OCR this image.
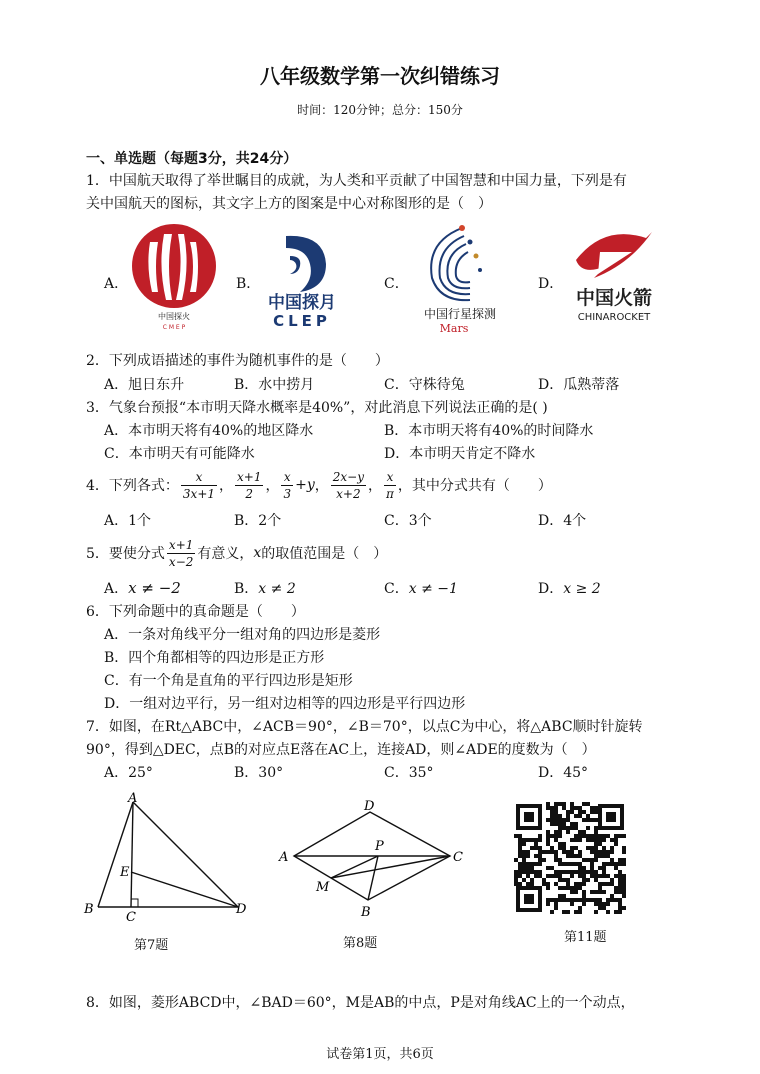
八年级数学第一次纠错练习
时间：120分钟；总分：150分
一、单选题（每题3分，共24分）
1．中国航天取得了举世瞩目的成就，为人类和平贡献了中国智慧和中国力量，下列是有
关中国航天的图标，其文字上方的图案是中心对称图形的是（　）
A．	B．	C．	D．
中国探火
C M E P
中国探月
CLEP	中国行星探测
Mars
中国火箭
CHINAROCKET
2．下列成语描述的事件为随机事件的是（　　）
A．旭日东升	B．水中捞月	C．守株待兔	D．瓜熟蒂落
3．气象台预报“本市明天降水概率是40%”，对此消息下列说法正确的是( )
A．本市明天将有40%的地区降水	B．本市明天将有40%的时间降水
C．本市明天有可能降水	D．本市明天肯定不降水
4．下列各式： $\frac{x}{3x+1}$ ， $\frac{x+1}{2}$ ， $\frac{x}{3} +y$ ， $\frac{2x-y}{x+2}$ ， $\frac{x}{\pi}$ ，其中分式共有（　　）
A．1个	B．2个	C．3个	D．4个
5．要使分式 $\frac{x+1}{x-2}$ 有意义， x 的取值范围是（　）
A．x ≠ −2	B．x ≠ 2	C．x ≠ −1	D．x ≥ 2
6．下列命题中的真命题是（　　）
A．一条对角线平分一组对角的四边形是菱形
B．四个角都相等的四边形是正方形
C．有一个角是直角的平行四边形是矩形
D．一组对边平行，另一组对边相等的四边形是平行四边形
7．如图，在Rt△ABC中，∠ACB＝90°，∠B＝70°，以点C为中心，将△ABC顺时针旋转
90°，得到△DEC，点B的对应点E落在AC上，连接AD，则∠ADE的度数为（　）
A．25°	B．30°	C．35°	D．45°
A
E
B
C
D
第7题
D
A
P
C
M
B
第8题	第11题
8．如图，菱形ABCD中，∠BAD＝60°，M是AB的中点，P是对角线AC上的一个动点，
试卷第1页，共6页
